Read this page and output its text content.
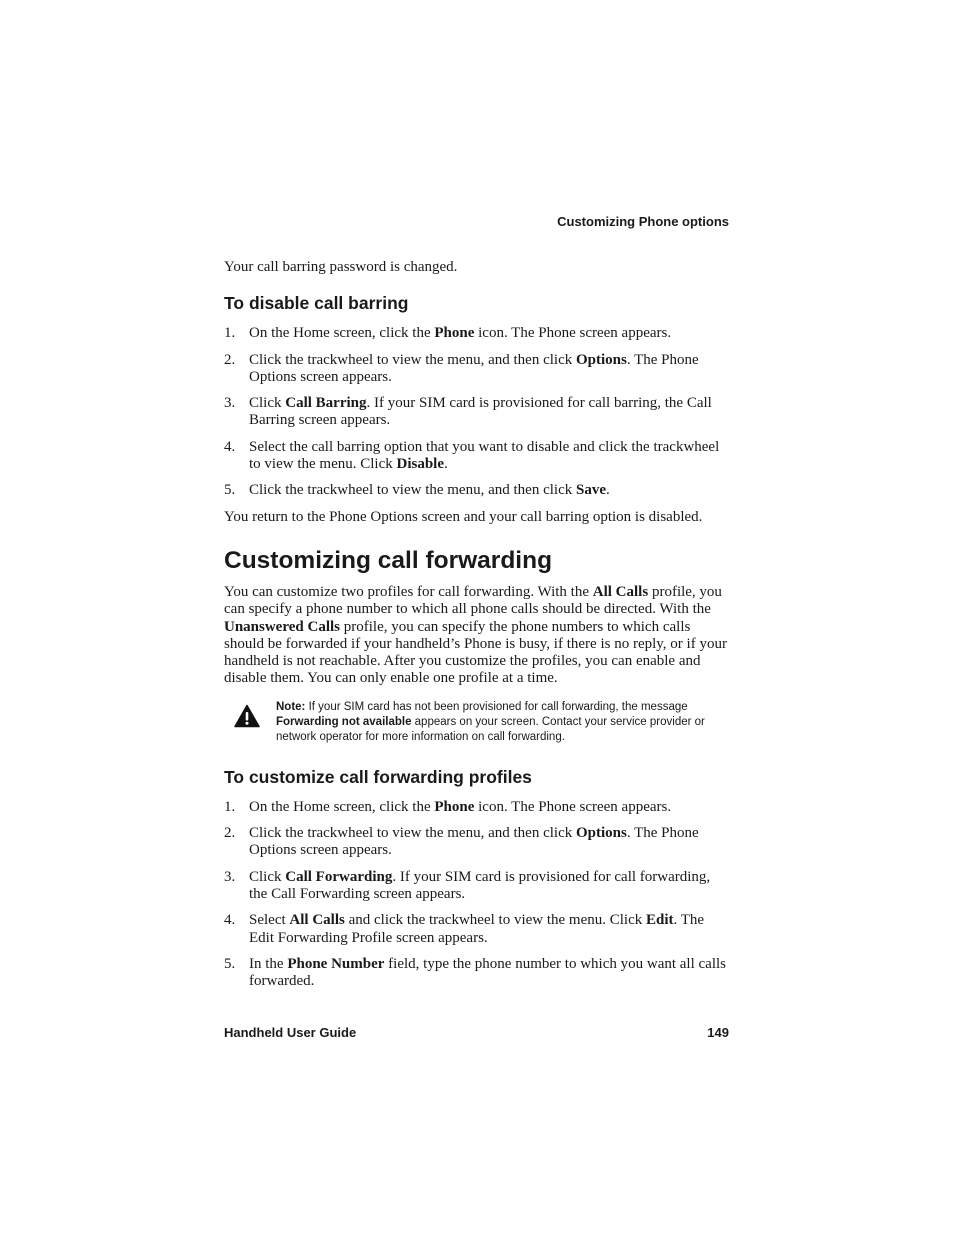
Customizing Phone options

Your call barring password is changed.

To disable call barring
1. On the Home screen, click the Phone icon. The Phone screen appears.
2. Click the trackwheel to view the menu, and then click Options. The Phone Options screen appears.
3. Click Call Barring. If your SIM card is provisioned for call barring, the Call Barring screen appears.
4. Select the call barring option that you want to disable and click the trackwheel to view the menu. Click Disable.
5. Click the trackwheel to view the menu, and then click Save.

You return to the Phone Options screen and your call barring option is disabled.

Customizing call forwarding

You can customize two profiles for call forwarding. With the All Calls profile, you can specify a phone number to which all phone calls should be directed. With the Unanswered Calls profile, you can specify the phone numbers to which calls should be forwarded if your handheld’s Phone is busy, if there is no reply, or if your handheld is not reachable. After you customize the profiles, you can enable and disable them. You can only enable one profile at a time.

Note: If your SIM card has not been provisioned for call forwarding, the message Forwarding not available appears on your screen. Contact your service provider or network operator for more information on call forwarding.
To customize call forwarding profiles
1. On the Home screen, click the Phone icon. The Phone screen appears.
2. Click the trackwheel to view the menu, and then click Options. The Phone Options screen appears.
3. Click Call Forwarding. If your SIM card is provisioned for call forwarding, the Call Forwarding screen appears.
4. Select All Calls and click the trackwheel to view the menu. Click Edit. The Edit Forwarding Profile screen appears.
5. In the Phone Number field, type the phone number to which you want all calls forwarded.
Handheld User Guide	149
